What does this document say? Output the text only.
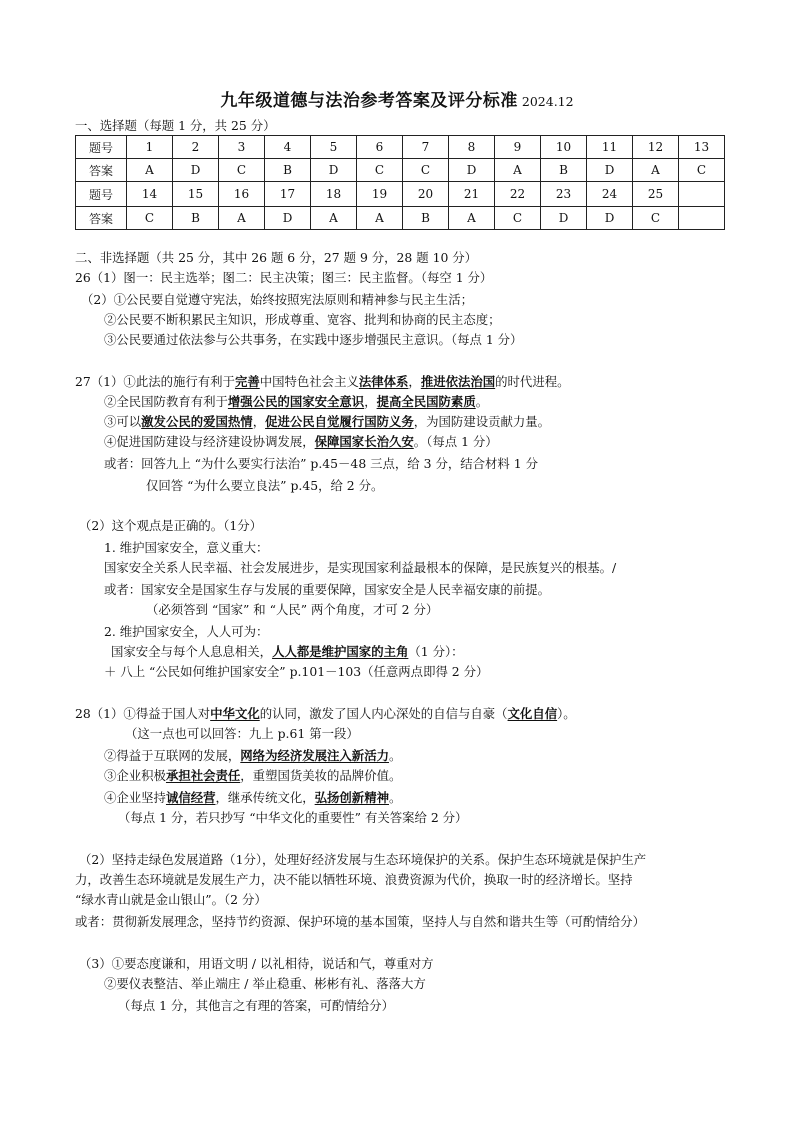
九年级道德与法治参考答案及评分标准 2024.12
一、选择题（每题 1 分，共 25 分）
题号	1	2	3	4	5	6	7	8	9	10	11	12	13
答案	A	D	C	B	D	C	C	D	A	B	D	A	C
题号	14	15	16	17	18	19	20	21	22	23	24	25	
答案	C	B	A	D	A	A	B	A	C	D	D	C	
二、非选择题（共 25 分，其中 26 题 6 分，27 题 9 分，28 题 10 分）
26（1）图一：民主选举；图二：民主决策；图三：民主监督。（每空 1 分）
（2）①公民要自觉遵守宪法，始终按照宪法原则和精神参与民主生活；
②公民要不断积累民主知识，形成尊重、宽容、批判和协商的民主态度；
③公民要通过依法参与公共事务，在实践中逐步增强民主意识。（每点 1 分）
27（1）①此法的施行有利于完善中国特色社会主义法律体系，推进依法治国的时代进程。
②全民国防教育有利于增强公民的国家安全意识，提高全民国防素质。
③可以激发公民的爱国热情，促进公民自觉履行国防义务，为国防建设贡献力量。
④促进国防建设与经济建设协调发展，保障国家长治久安。（每点 1 分）
或者：回答九上 “为什么要实行法治” p.45－48 三点，给 3 分，结合材料 1 分
仅回答 “为什么要立良法” p.45，给 2 分。
（2）这个观点是正确的。（1分）
1. 维护国家安全，意义重大：
国家安全关系人民幸福、社会发展进步，是实现国家利益最根本的保障，是民族复兴的根基。/
或者：国家安全是国家生存与发展的重要保障，国家安全是人民幸福安康的前提。
（必须答到 “国家” 和 “人民” 两个角度，才可 2 分）
2. 维护国家安全，人人可为：
国家安全与每个人息息相关，人人都是维护国家的主角（1 分）：
＋ 八上 “公民如何维护国家安全” p.101－103（任意两点即得 2 分）
28（1）①得益于国人对中华文化的认同，激发了国人内心深处的自信与自豪（文化自信）。
（这一点也可以回答：九上 p.61 第一段）
②得益于互联网的发展，网络为经济发展注入新活力。
③企业积极承担社会责任，重塑国货美妆的品牌价值。
④企业坚持诚信经营，继承传统文化，弘扬创新精神。
（每点 1 分，若只抄写 “中华文化的重要性” 有关答案给 2 分）
（2）坚持走绿色发展道路（1分），处理好经济发展与生态环境保护的关系。保护生态环境就是保护生产
力，改善生态环境就是发展生产力，决不能以牺牲环境、浪费资源为代价，换取一时的经济增长。坚持
“绿水青山就是金山银山”。（2 分）
或者：贯彻新发展理念，坚持节约资源、保护环境的基本国策，坚持人与自然和谐共生等（可酌情给分）
（3）①要态度谦和，用语文明 / 以礼相待，说话和气，尊重对方
②要仪表整洁、举止端庄 / 举止稳重、彬彬有礼、落落大方
（每点 1 分，其他言之有理的答案，可酌情给分）
